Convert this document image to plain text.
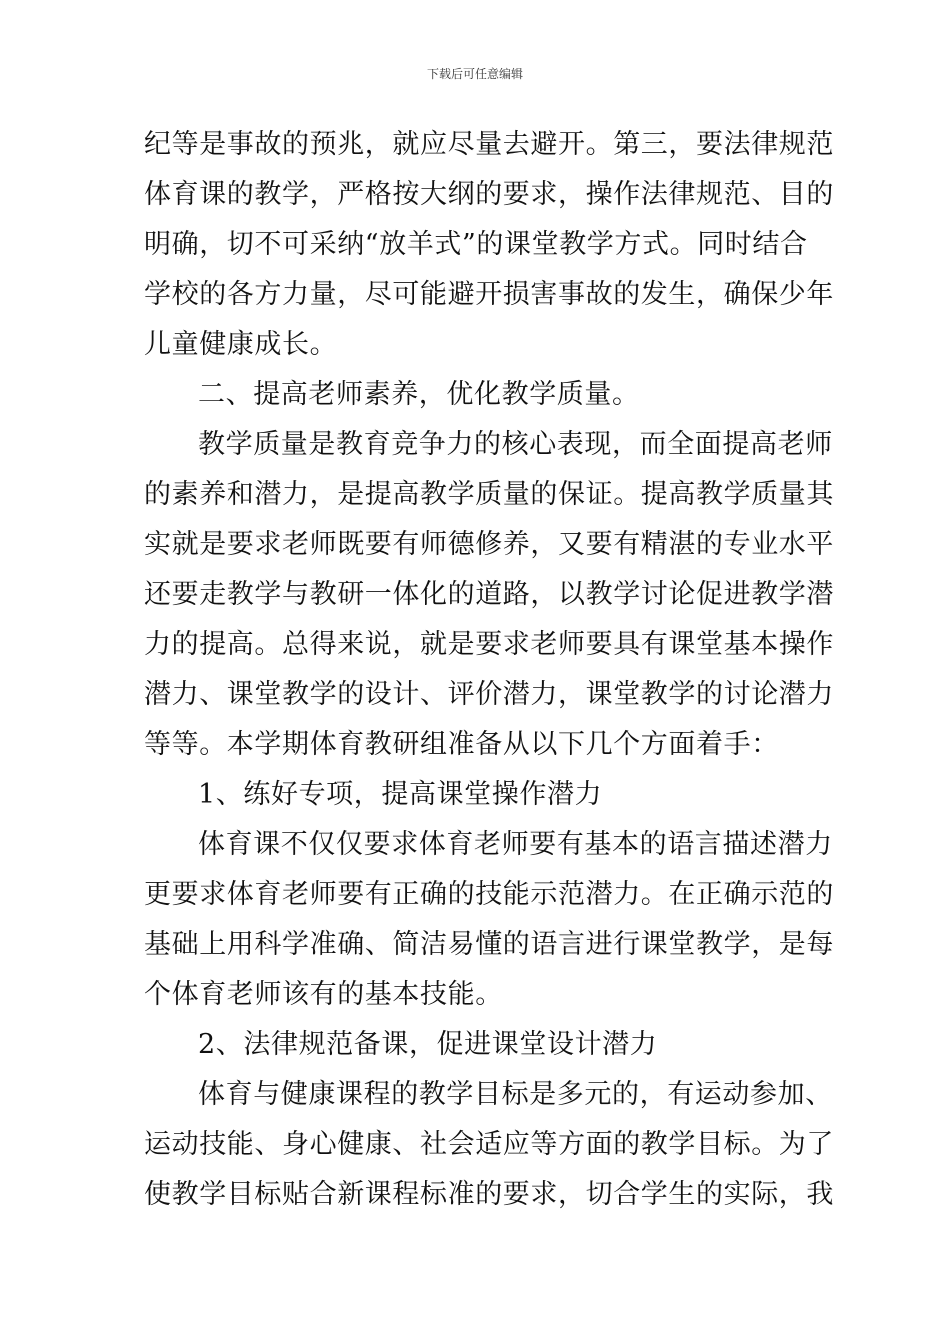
下载后可任意编辑
纪等是事故的预兆，就应尽量去避开。第三，要法律规范
体育课的教学，严格按大纲的要求，操作法律规范、目的
明确，切不可采纳“放羊式”的课堂教学方式。同时结合
学校的各方力量，尽可能避开损害事故的发生，确保少年
儿童健康成长。
二、提高老师素养，优化教学质量。
教学质量是教育竞争力的核心表现，而全面提高老师
的素养和潜力，是提高教学质量的保证。提高教学质量其
实就是要求老师既要有师德修养，又要有精湛的专业水平
还要走教学与教研一体化的道路，以教学讨论促进教学潜
力的提高。总得来说，就是要求老师要具有课堂基本操作
潜力、课堂教学的设计、评价潜力，课堂教学的讨论潜力
等等。本学期体育教研组准备从以下几个方面着手：
1、练好专项，提高课堂操作潜力
体育课不仅仅要求体育老师要有基本的语言描述潜力
更要求体育老师要有正确的技能示范潜力。在正确示范的
基础上用科学准确、简洁易懂的语言进行课堂教学，是每
个体育老师该有的基本技能。
2、法律规范备课，促进课堂设计潜力
体育与健康课程的教学目标是多元的，有运动参加、
运动技能、身心健康、社会适应等方面的教学目标。为了
使教学目标贴合新课程标准的要求，切合学生的实际，我
